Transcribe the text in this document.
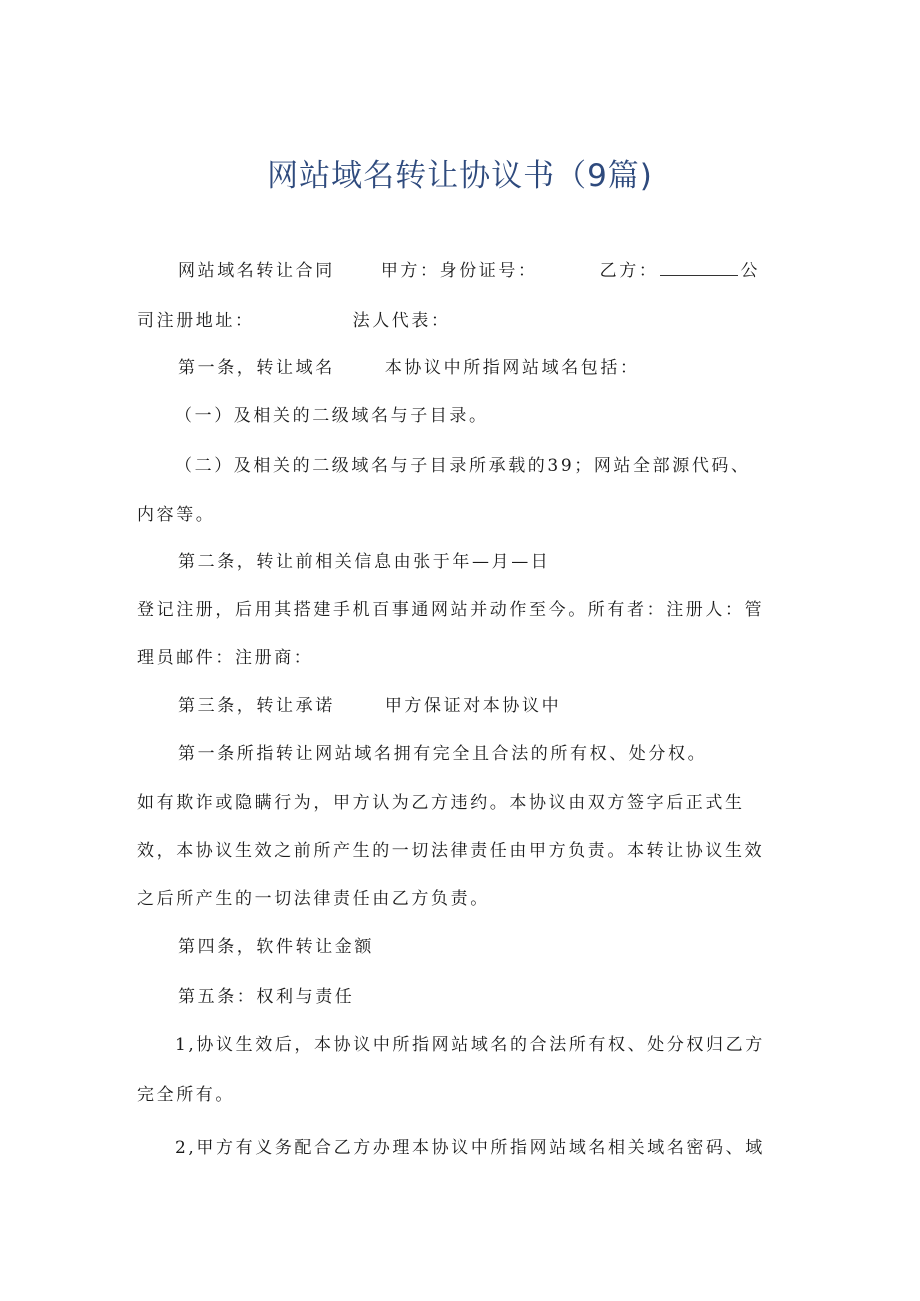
网站域名转让协议书（9篇)
网站域名转让合同	甲方：身份证号：	乙方：	公
司注册地址：	法人代表：
第一条，转让域名	本协议中所指网站域名包括：
（一）及相关的二级域名与子目录。
（二）及相关的二级域名与子目录所承载的39；网站全部源代码、
内容等。
第二条，转让前相关信息由张于年—月—日
登记注册，后用其搭建手机百事通网站并动作至今。所有者：注册人：管
理员邮件：注册商：
第三条，转让承诺	甲方保证对本协议中
第一条所指转让网站域名拥有完全且合法的所有权、处分权。
如有欺诈或隐瞒行为，甲方认为乙方违约。本协议由双方签字后正式生
效，本协议生效之前所产生的一切法律责任由甲方负责。本转让协议生效
之后所产生的一切法律责任由乙方负责。
第四条，软件转让金额
第五条：权利与责任
1,协议生效后，本协议中所指网站域名的合法所有权、处分权归乙方
完全所有。
2,甲方有义务配合乙方办理本协议中所指网站域名相关域名密码、域
